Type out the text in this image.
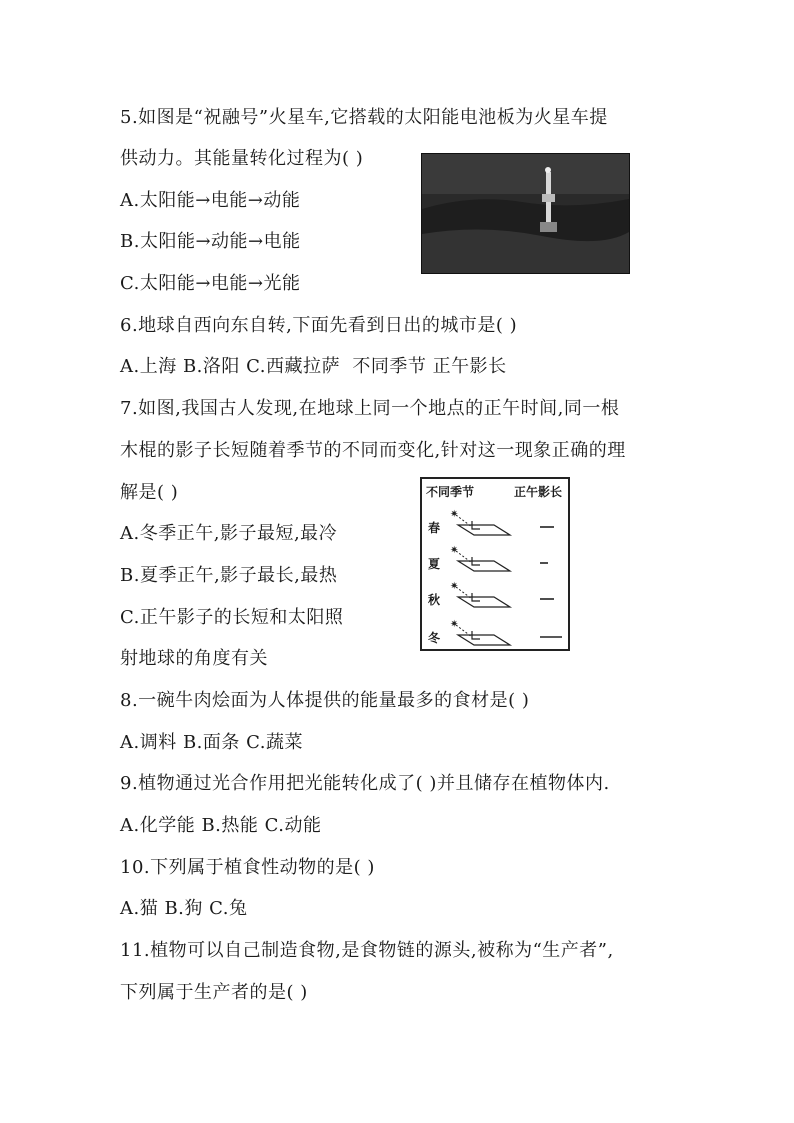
5.如图是“祝融号”火星车,它搭载的太阳能电池板为火星车提
供动力。其能量转化过程为( )
A.太阳能→电能→动能
B.太阳能→动能→电能
C.太阳能→电能→光能
6.地球自西向东自转,下面先看到日出的城市是( )
A.上海 B.洛阳 C.西藏拉萨 不同季节 正午影长
7.如图,我国古人发现,在地球上同一个地点的正午时间,同一根
木棍的影子长短随着季节的不同而变化,针对这一现象正确的理
解是( )
A.冬季正午,影子最短,最冷
B.夏季正午,影子最长,最热
C.正午影子的长短和太阳照
射地球的角度有关
不同季节	正午影长
春
夏
秋
冬
✷
✷
✷
✷
8.一碗牛肉烩面为人体提供的能量最多的食材是( )
A.调料 B.面条 C.蔬菜
9.植物通过光合作用把光能转化成了( )并且储存在植物体内.
A.化学能 B.热能 C.动能
10.下列属于植食性动物的是( )
A.猫 B.狗 C.兔
11.植物可以自己制造食物,是食物链的源头,被称为“生产者”,
下列属于生产者的是( )
